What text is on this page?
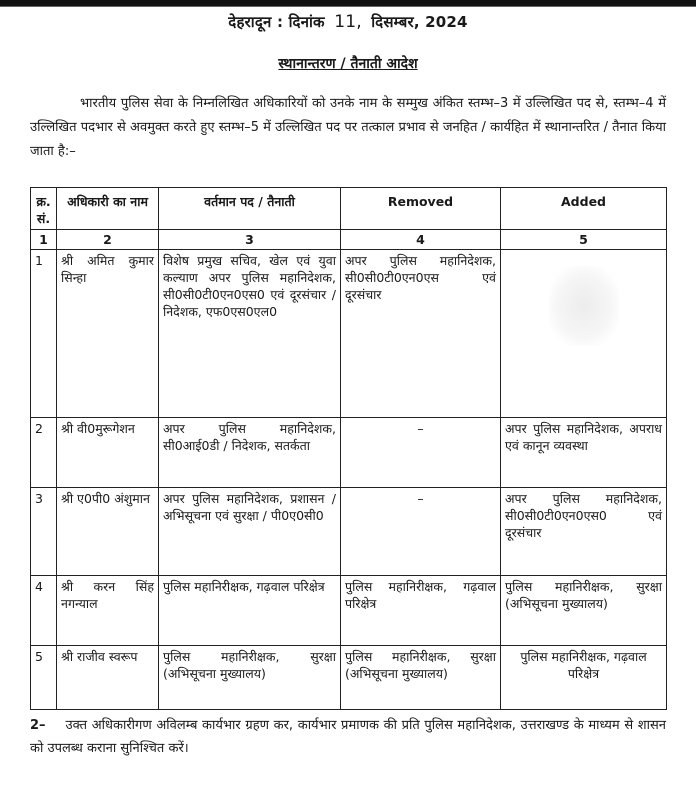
देहरादून : दिनांक 11, दिसम्बर, 2024
स्थानान्तरण / तैनाती आदेश
भारतीय पुलिस सेवा के निम्नलिखित अधिकारियों को उनके नाम के सम्मुख अंकित स्तम्भ–3 में उल्लिखित पद से, स्तम्भ–4 में उल्लिखित पदभार से अवमुक्त करते हुए स्तम्भ–5 में उल्लिखित पद पर तत्काल प्रभाव से जनहित / कार्यहित में स्थानान्तरित / तैनात किया जाता है:–
क्र. सं.	अधिकारी का नाम	वर्तमान पद / तैनाती	Removed	Added
1	2	3	4	5
1	श्री अमित कुमार सिन्हा	विशेष प्रमुख सचिव, खेल एवं युवा कल्याण अपर पुलिस महानिदेशक, सी0सी0टी0एन0एस0 एवं दूरसंचार / निदेशक, एफ0एस0एल0	अपर पुलिस महानिदेशक, सी0सी0टी0एन0एस एवं दूरसंचार	

2	श्री वी0मुरूगेशन	अपर पुलिस महानिदेशक, सी0आई0डी / निदेशक, सतर्कता	–	अपर पुलिस महानिदेशक, अपराध एवं कानून व्यवस्था
3	श्री ए0पी0 अंशुमान	अपर पुलिस महानिदेशक, प्रशासन / अभिसूचना एवं सुरक्षा / पी0ए0सी0	–	अपर पुलिस महानिदेशक, सी0सी0टी0एन0एस0 एवं दूरसंचार
4	श्री करन सिंह नगन्याल	पुलिस महानिरीक्षक, गढ़वाल परिक्षेत्र	पुलिस महानिरीक्षक, गढ़वाल परिक्षेत्र	पुलिस महानिरीक्षक, सुरक्षा (अभिसूचना मुख्यालय)
5	श्री राजीव स्वरूप	पुलिस महानिरीक्षक, सुरक्षा (अभिसूचना मुख्यालय)	पुलिस महानिरीक्षक, सुरक्षा (अभिसूचना मुख्यालय)	पुलिस महानिरीक्षक, गढ़वाल परिक्षेत्र
2– उक्त अधिकारीगण अविलम्ब कार्यभार ग्रहण कर, कार्यभार प्रमाणक की प्रति पुलिस महानिदेशक, उत्तराखण्ड के माध्यम से शासन को उपलब्ध कराना सुनिश्चित करें।
